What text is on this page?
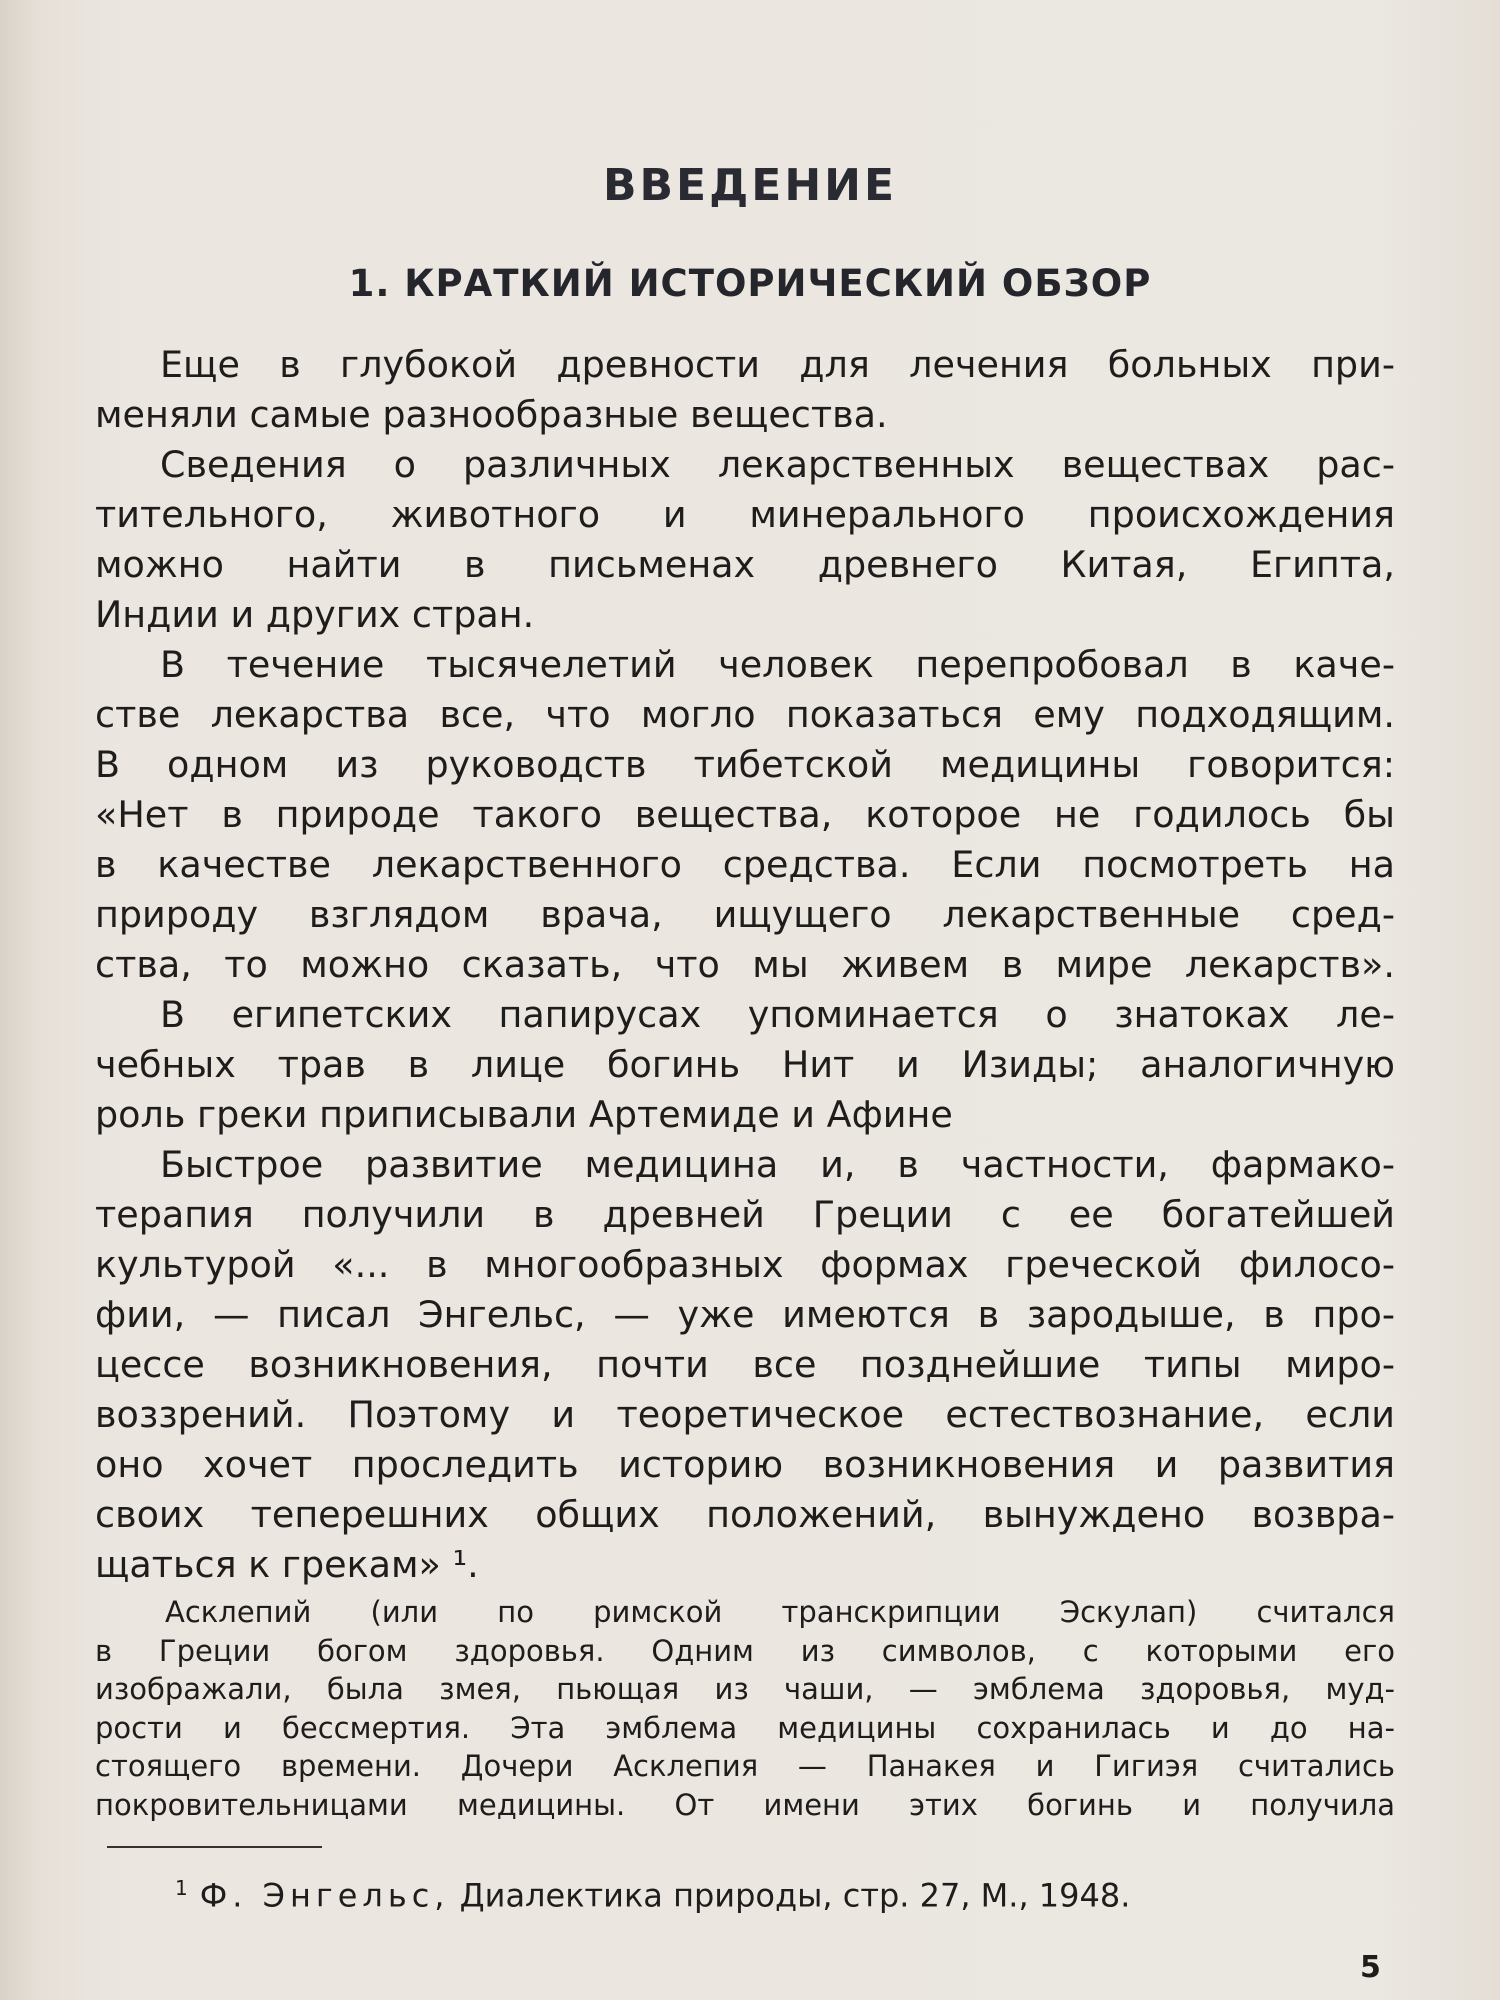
ВВЕДЕНИЕ
1. КРАТКИЙ ИСТОРИЧЕСКИЙ ОБЗОР
Еще в глубокой древности для лечения больных при-
меняли самые разнообразные вещества.
Сведения о различных лекарственных веществах рас-
тительного, животного и минерального происхождения
можно найти в письменах древнего Китая, Египта,
Индии и других стран.
В течение тысячелетий человек перепробовал в каче-
стве лекарства все, что могло показаться ему подходящим.
В одном из руководств тибетской медицины говорится:
«Нет в природе такого вещества, которое не годилось бы
в качестве лекарственного средства. Если посмотреть на
природу взглядом врача, ищущего лекарственные сред-
ства, то можно сказать, что мы живем в мире лекарств».
В египетских папирусах упоминается о знатоках ле-
чебных трав в лице богинь Нит и Изиды; аналогичную
роль греки приписывали Артемиде и Афине
Быстрое развитие медицина и, в частности, фармако-
терапия получили в древней Греции с ее богатейшей
культурой «... в многообразных формах греческой филосо-
фии, — писал Энгельс, — уже имеются в зародыше, в про-
цессе возникновения, почти все позднейшие типы миро-
воззрений. Поэтому и теоретическое естествознание, если
оно хочет проследить историю возникновения и развития
своих теперешних общих положений, вынуждено возвра-
щаться к грекам» ¹.
Асклепий (или по римской транскрипции Эскулап) считался
в Греции богом здоровья. Одним из символов, с которыми его
изображали, была змея, пьющая из чаши, — эмблема здоровья, муд-
рости и бессмертия. Эта эмблема медицины сохранилась и до на-
стоящего времени. Дочери Асклепия — Панакея и Гигиэя считались
покровительницами медицины. От имени этих богинь и получила
$^1$ Ф. Энгельс, Диалектика природы, стр. 27, М., 1948.
5
